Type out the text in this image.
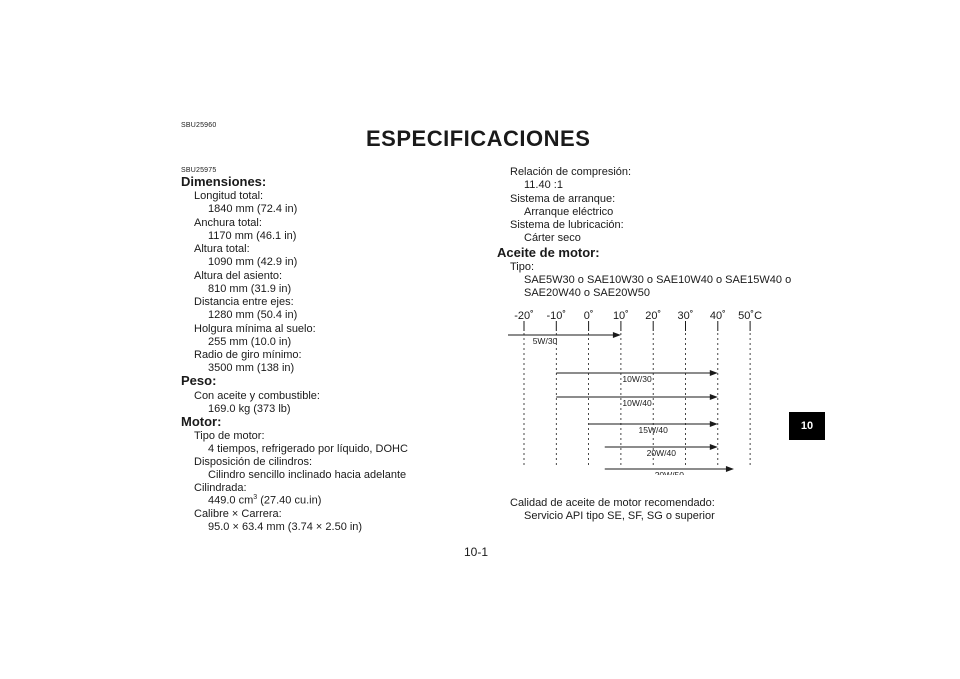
SBU25960
ESPECIFICACIONES
SBU25975
Dimensiones:
Longitud total:
1840 mm (72.4 in)
Anchura total:
1170 mm (46.1 in)
Altura total:
1090 mm (42.9 in)
Altura del asiento:
810 mm (31.9 in)
Distancia entre ejes:
1280 mm (50.4 in)
Holgura mínima al suelo:
255 mm (10.0 in)
Radio de giro mínimo:
3500 mm (138 in)
Peso:
Con aceite y combustible:
169.0 kg (373 lb)
Motor:
Tipo de motor:
4 tiempos, refrigerado por líquido, DOHC
Disposición de cilindros:
Cilindro sencillo inclinado hacia adelante
Cilindrada:
449.0 $cm^3$ (27.40 cu.in)
Calibre × Carrera:
95.0 × 63.4 mm (3.74 × 2.50 in)
Relación de compresión:
11.40 :1
Sistema de arranque:
Arranque eléctrico
Sistema de lubricación:
Cárter seco
Aceite de motor:
Tipo:
SAE5W30 o SAE10W30 o SAE10W40 o SAE15W40 o
SAE20W40 o SAE20W50
-20˚ -10˚ 0˚ 10˚ 20˚ 30˚ 40˚ 50˚C
5W/30
10W/30
10W/40
15W/40
20W/40
20W/50
Calidad de aceite de motor recomendado:
Servicio API tipo SE, SF, SG o superior
10
10-1
